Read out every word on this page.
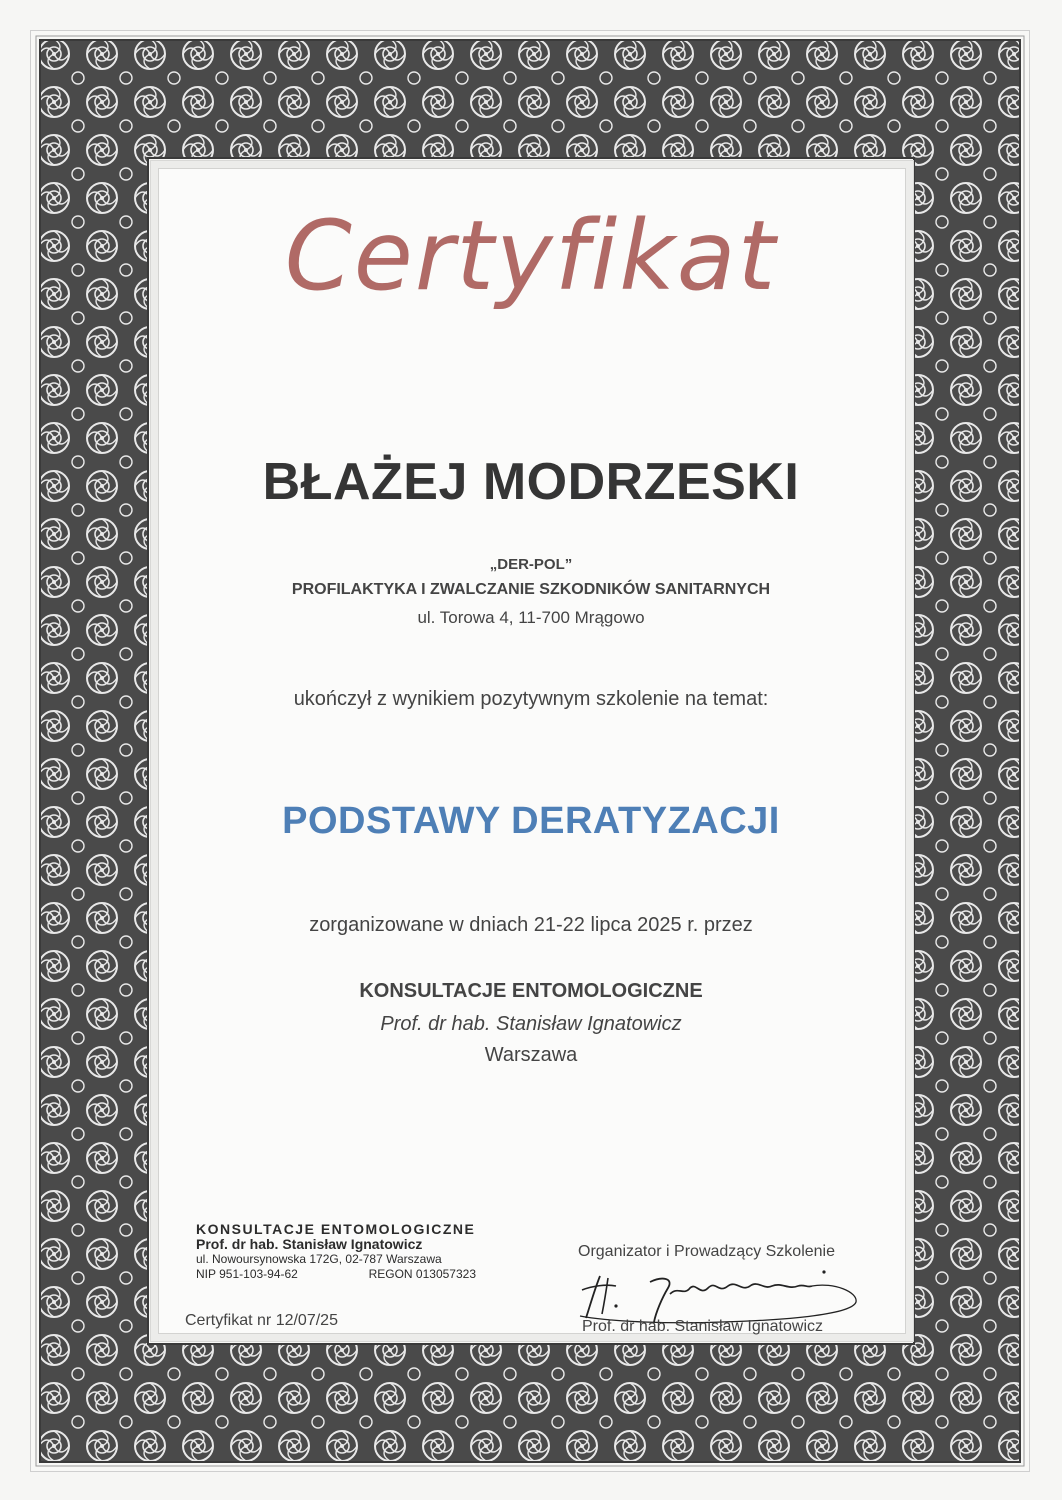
Certyfikat
BŁAŻEJ MODRZESKI
„DER-POL”
PROFILAKTYKA I ZWALCZANIE SZKODNIKÓW SANITARNYCH
ul. Torowa 4, 11-700 Mrągowo
ukończył z wynikiem pozytywnym szkolenie na temat:
PODSTAWY DERATYZACJI
zorganizowane w dniach 21-22 lipca 2025 r. przez
KONSULTACJE ENTOMOLOGICZNE
Prof. dr hab. Stanisław Ignatowicz
Warszawa
KONSULTACJE ENTOMOLOGICZNE
Prof. dr hab. Stanisław Ignatowicz
ul. Nowoursynowska 172G, 02-787 Warszawa
NIP 951-103-94-62	REGON 013057323
Certyfikat nr 12/07/25
Organizator i Prowadzący Szkolenie
Prof. dr hab. Stanisław Ignatowicz
